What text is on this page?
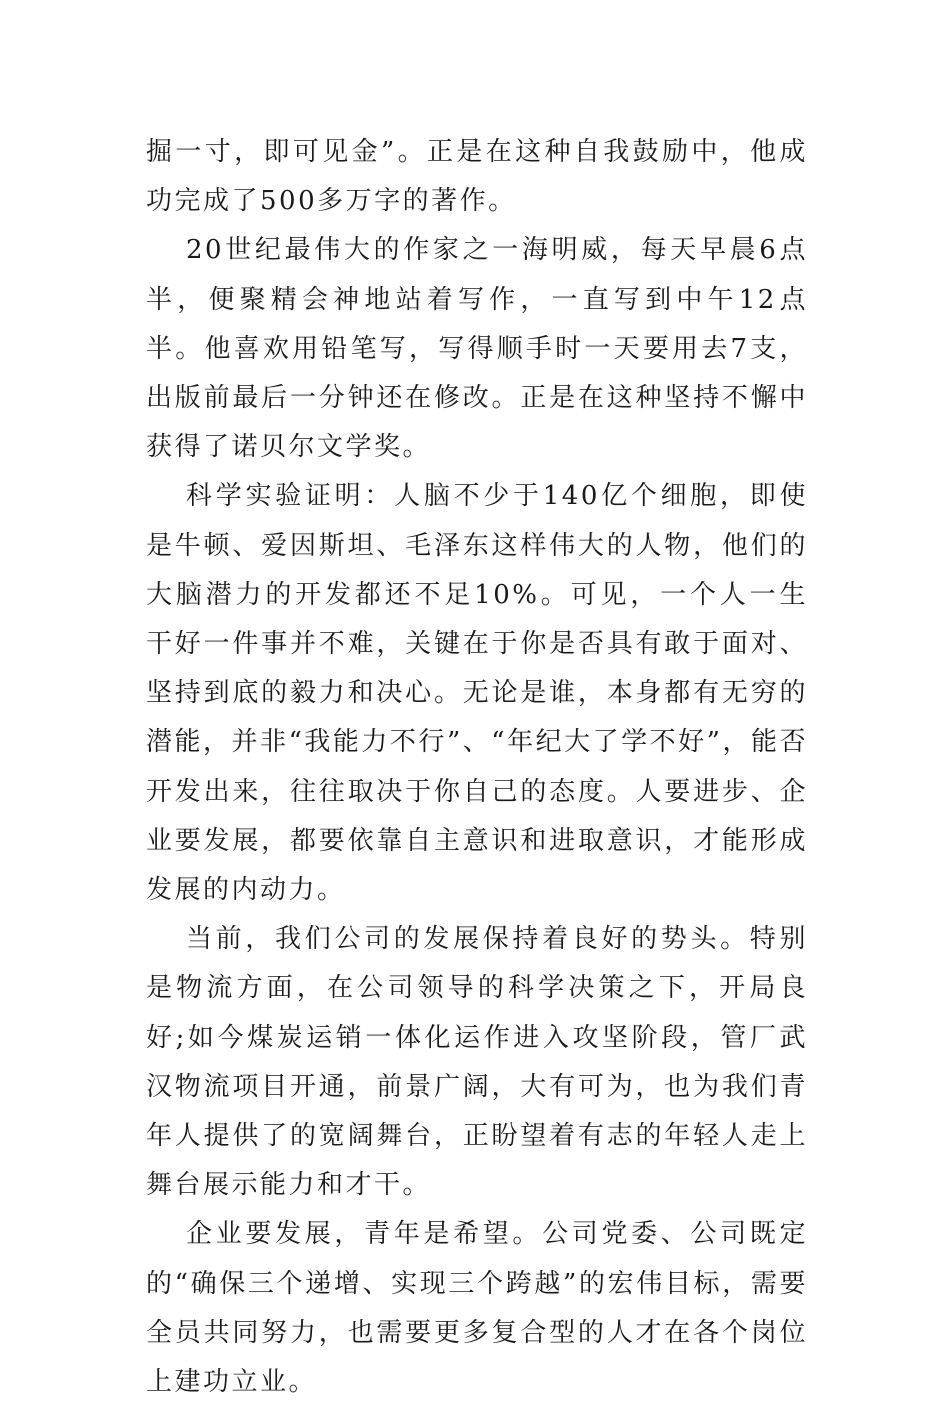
掘一寸，即可见金”。正是在这种自我鼓励中，他成功完成了500多万字的著作。

20世纪最伟大的作家之一海明威，每天早晨6点半，便聚精会神地站着写作，一直写到中午12点半。他喜欢用铅笔写，写得顺手时一天要用去7支，出版前最后一分钟还在修改。正是在这种坚持不懈中获得了诺贝尔文学奖。

科学实验证明：人脑不少于140亿个细胞，即使是牛顿、爱因斯坦、毛泽东这样伟大的人物，他们的大脑潜力的开发都还不足10%。可见，一个人一生干好一件事并不难，关键在于你是否具有敢于面对、坚持到底的毅力和决心。无论是谁，本身都有无穷的潜能，并非“我能力不行”、“年纪大了学不好”，能否开发出来，往往取决于你自己的态度。人要进步、企业要发展，都要依靠自主意识和进取意识，才能形成发展的内动力。

当前，我们公司的发展保持着良好的势头。特别是物流方面，在公司领导的科学决策之下，开局良好;如今煤炭运销一体化运作进入攻坚阶段，管厂武汉物流项目开通，前景广阔，大有可为，也为我们青年人提供了的宽阔舞台，正盼望着有志的年轻人走上舞台展示能力和才干。

企业要发展，青年是希望。公司党委、公司既定的“确保三个递增、实现三个跨越”的宏伟目标，需要全员共同努力，也需要更多复合型的人才在各个岗位上建功立业。
